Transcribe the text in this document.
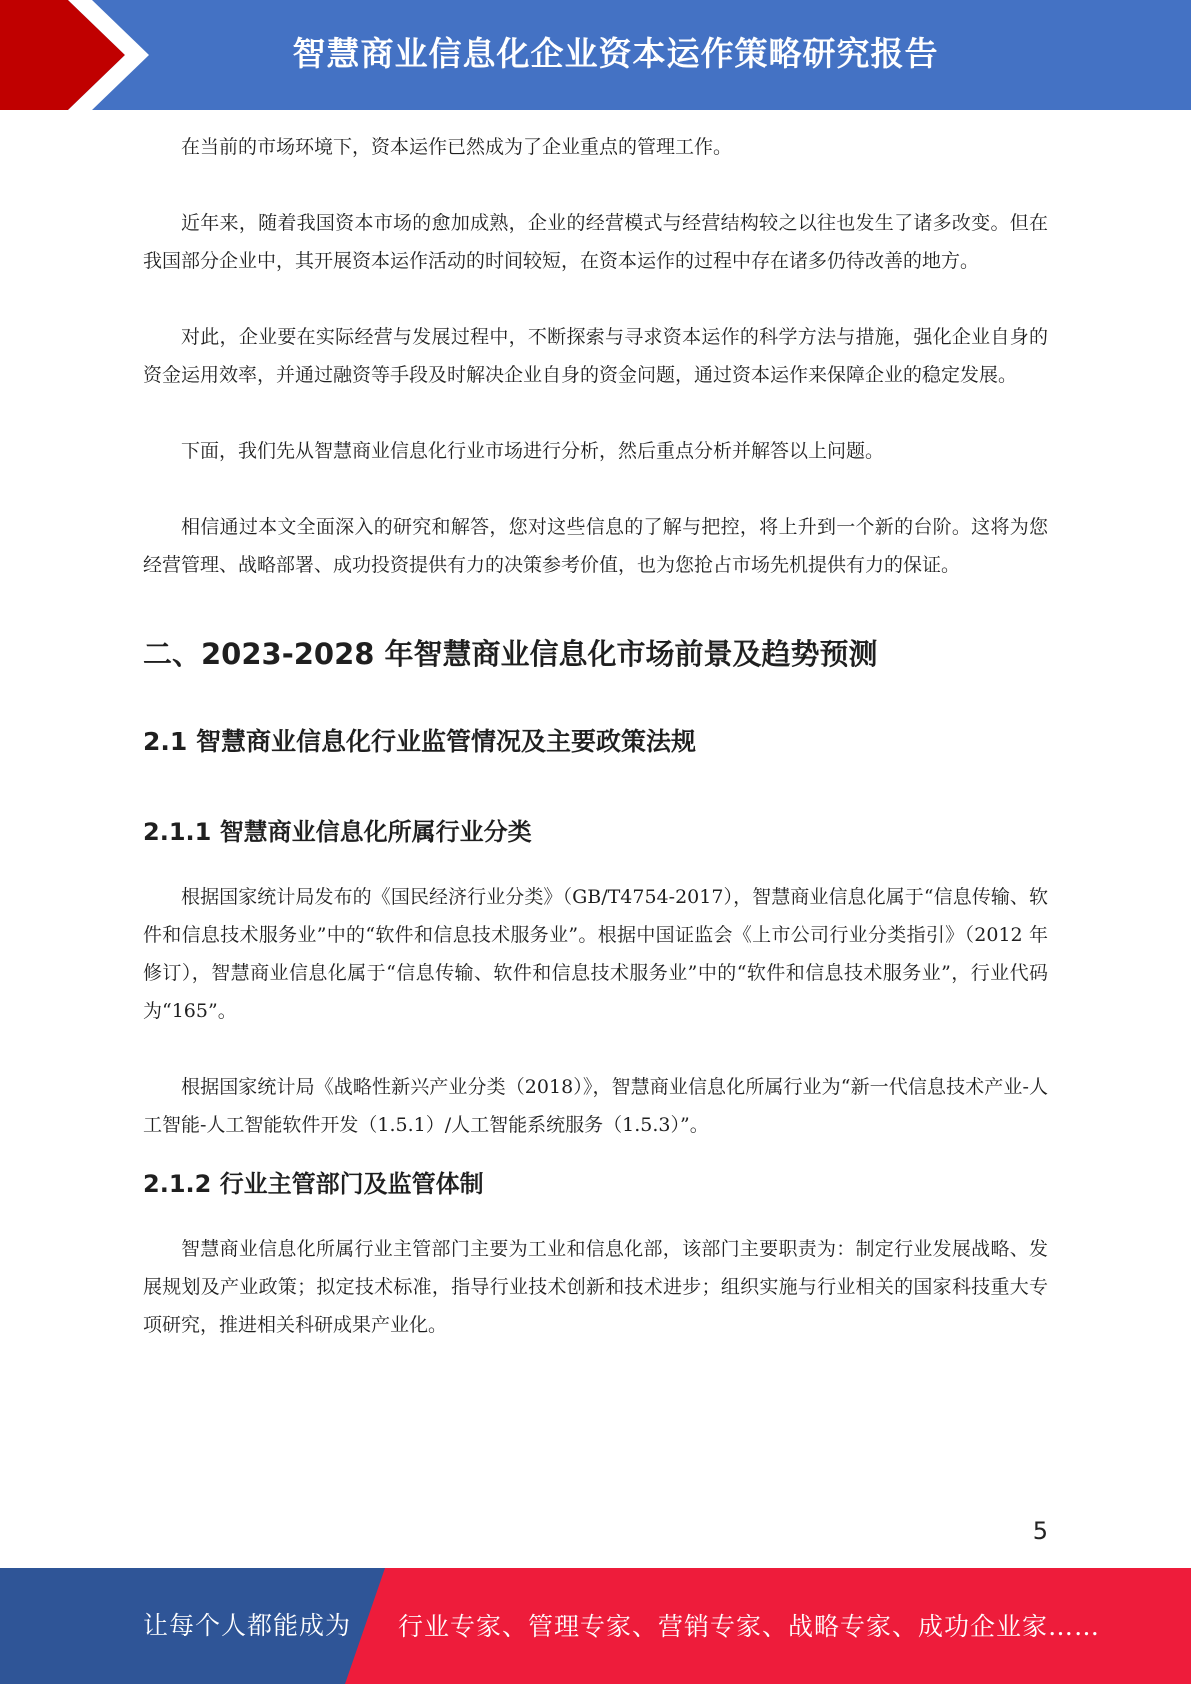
智慧商业信息化企业资本运作策略研究报告

在当前的市场环境下，资本运作已然成为了企业重点的管理工作。

近年来，随着我国资本市场的愈加成熟，企业的经营模式与经营结构较之以往也发生了诸多改变。但在我国部分企业中，其开展资本运作活动的时间较短，在资本运作的过程中存在诸多仍待改善的地方。

对此，企业要在实际经营与发展过程中，不断探索与寻求资本运作的科学方法与措施，强化企业自身的资金运用效率，并通过融资等手段及时解决企业自身的资金问题，通过资本运作来保障企业的稳定发展。

下面，我们先从智慧商业信息化行业市场进行分析，然后重点分析并解答以上问题。

相信通过本文全面深入的研究和解答，您对这些信息的了解与把控，将上升到一个新的台阶。这将为您经营管理、战略部署、成功投资提供有力的决策参考价值，也为您抢占市场先机提供有力的保证。

二、2023-2028 年智慧商业信息化市场前景及趋势预测
2.1 智慧商业信息化行业监管情况及主要政策法规
2.1.1 智慧商业信息化所属行业分类

根据国家统计局发布的《国民经济行业分类》（GB/T4754-2017），智慧商业信息化属于“信息传输、软件和信息技术服务业”中的“软件和信息技术服务业”。根据中国证监会《上市公司行业分类指引》（2012 年修订），智慧商业信息化属于“信息传输、软件和信息技术服务业”中的“软件和信息技术服务业”，行业代码为“165”。

根据国家统计局《战略性新兴产业分类（2018）》，智慧商业信息化所属行业为“新一代信息技术产业-人工智能-人工智能软件开发（1.5.1）/人工智能系统服务（1.5.3）”。

2.1.2 行业主管部门及监管体制

智慧商业信息化所属行业主管部门主要为工业和信息化部，该部门主要职责为：制定行业发展战略、发展规划及产业政策；拟定技术标准，指导行业技术创新和技术进步；组织实施与行业相关的国家科技重大专项研究，推进相关科研成果产业化。

5
让每个人都能成为 行业专家、管理专家、营销专家、战略专家、成功企业家……
